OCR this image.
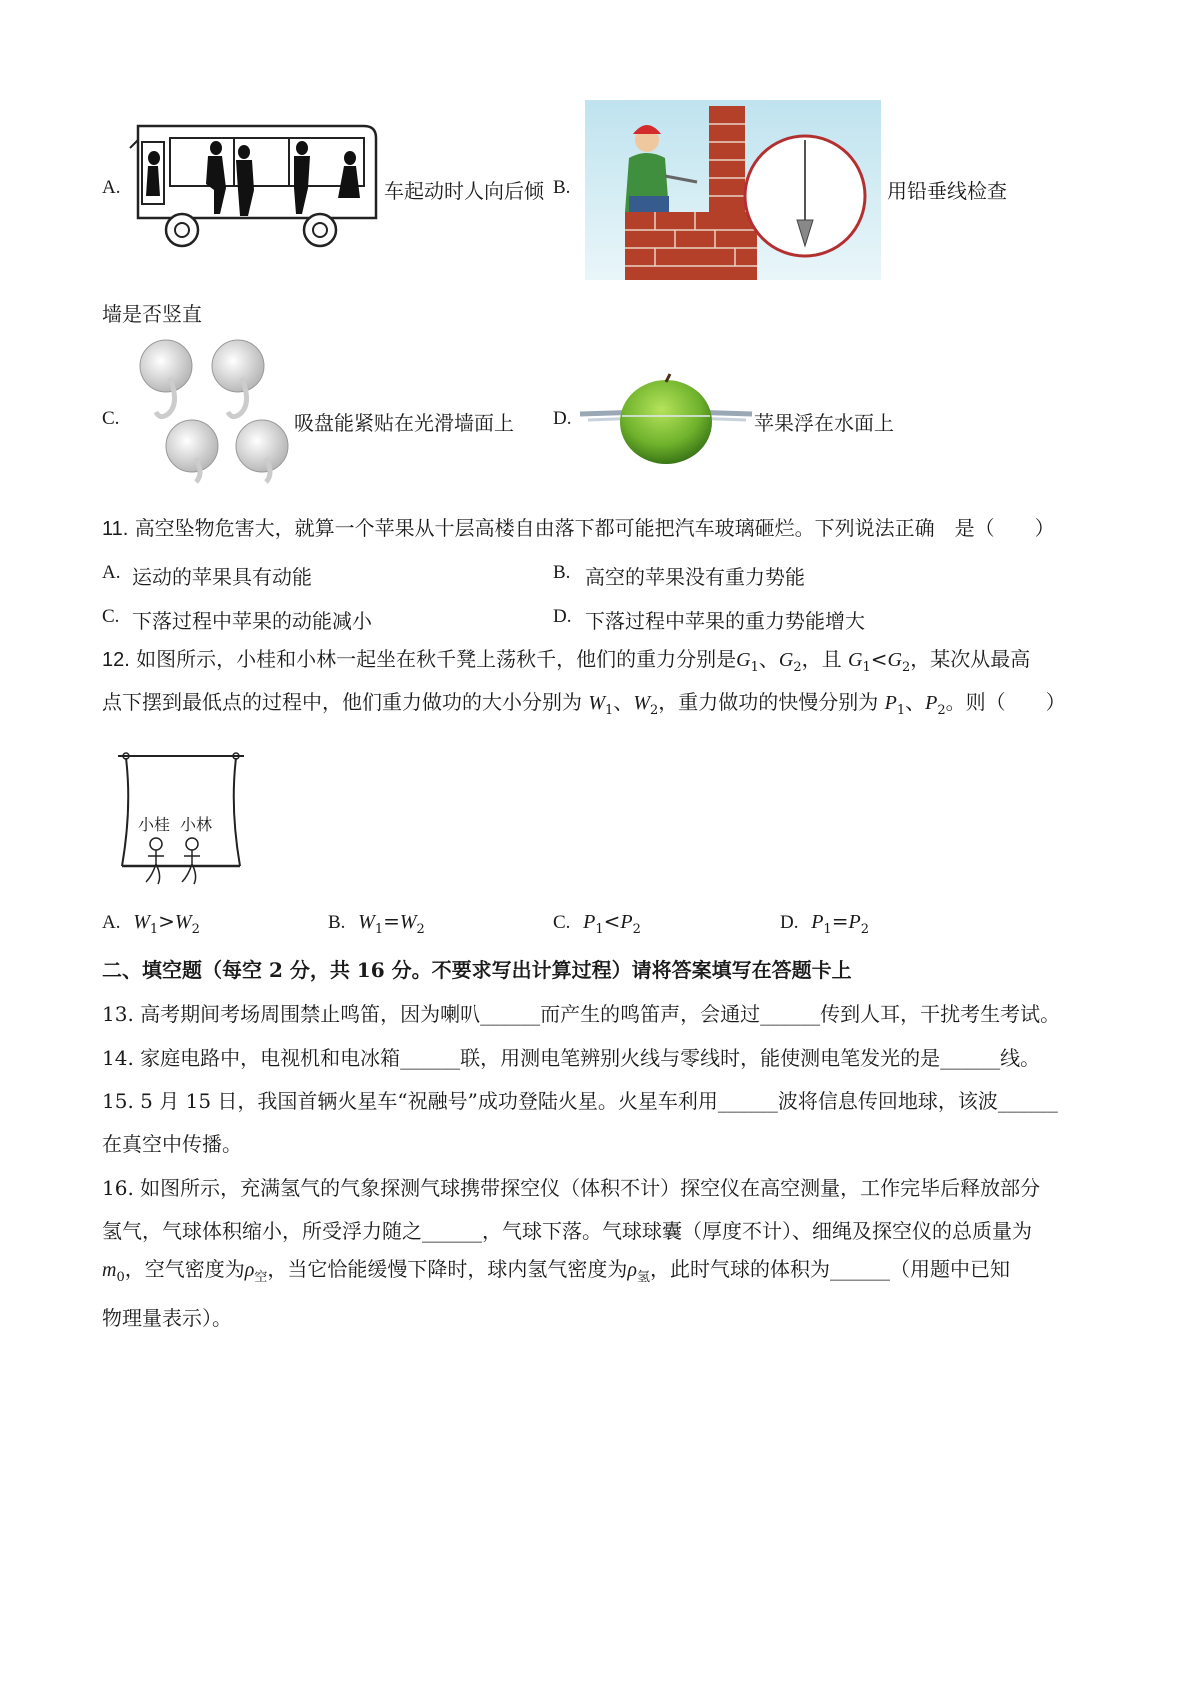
A.	车起动时人向后倾 B.	用铅垂线检查
墙是否竖直
C.	吸盘能紧贴在光滑墙面上 D.	苹果浮在水面上
11. 高空坠物危害大，就算一个苹果从十层高楼自由落下都可能把汽车玻璃砸烂。下列说法正确　是（　　）
A. 运动的苹果具有动能	B. 高空的苹果没有重力势能
C. 下落过程中苹果的动能减小	D. 下落过程中苹果的重力势能增大
12. 如图所示，小桂和小林一起坐在秋千凳上荡秋千，他们的重力分别是$G_1$、$G_2$，且 $G_1<G_2$，某次从最高
点下摆到最低点的过程中，他们重力做功的大小分别为 $W_1$、$W_2$，重力做功的快慢分别为 $P_1$、$P_2$。则（　　）
小桂 小林
A. $W_1>W_2$	B. $W_1=W_2$	C. $P_1<P_2$	D. $P_1=P_2$
二、填空题（每空 2 分，共 16 分。不要求写出计算过程）请将答案填写在答题卡上
13. 高考期间考场周围禁止鸣笛，因为喇叭______而产生的鸣笛声，会通过______传到人耳，干扰考生考试。
14. 家庭电路中，电视机和电冰箱______联，用测电笔辨别火线与零线时，能使测电笔发光的是______线。
15. 5 月 15 日，我国首辆火星车“祝融号”成功登陆火星。火星车利用______波将信息传回地球，该波______
在真空中传播。
16. 如图所示，充满氢气的气象探测气球携带探空仪（体积不计）探空仪在高空测量，工作完毕后释放部分
氢气，气球体积缩小，所受浮力随之______，气球下落。气球球囊（厚度不计）、细绳及探空仪的总质量为
$m_0$，空气密度为$\rho_空$，当它恰能缓慢下降时，球内氢气密度为$\rho_氢$，此时气球的体积为______（用题中已知
物理量表示）。
